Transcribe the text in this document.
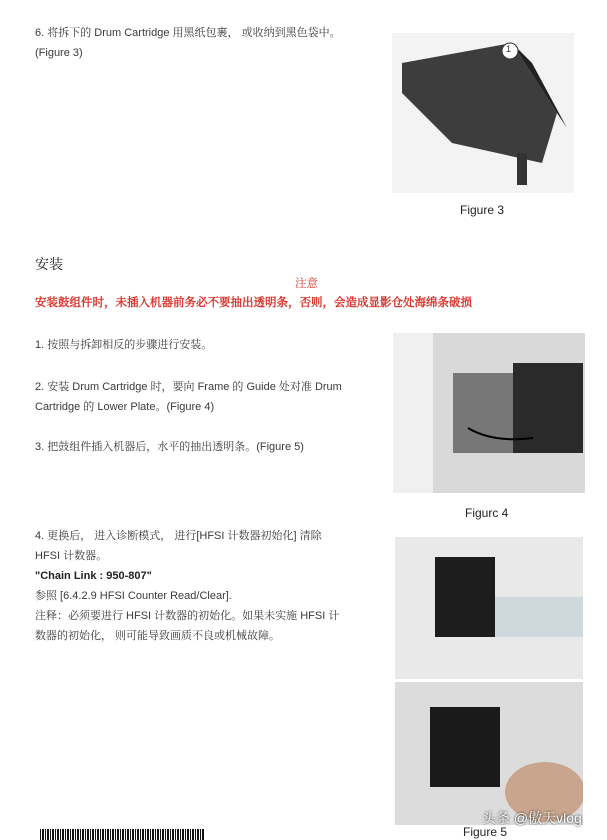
6. 将拆下的 Drum Cartridge 用黑纸包裹， 或收纳到黑色袋中。
(Figure 3)	1
Figure 3
安装
注意
安装鼓组件时，未插入机器前务必不要抽出透明条，否则，会造成显影仓处海绵条破损
1. 按照与拆卸相反的步骤进行安装。
2. 安装 Drum Cartridge 时，要向 Frame 的 Guide 处对准 Drum
Cartridge 的 Lower Plate。(Figure 4)
3. 把鼓组件插入机器后，水平的抽出透明条。(Figure 5)
Figurc 4
4. 更换后， 进入诊断模式， 进行[HFSI 计数器初始化] 清除
HFSI 计数器。
"Chain Link : 950-807"
参照 [6.4.2.9 HFSI Counter Read/Clear].
注释：必须要进行 HFSI 计数器的初始化。如果未实施 HFSI 计
数器的初始化， 则可能导致画质不良或机械故障。
头条 @傲天vlog
Figure 5
